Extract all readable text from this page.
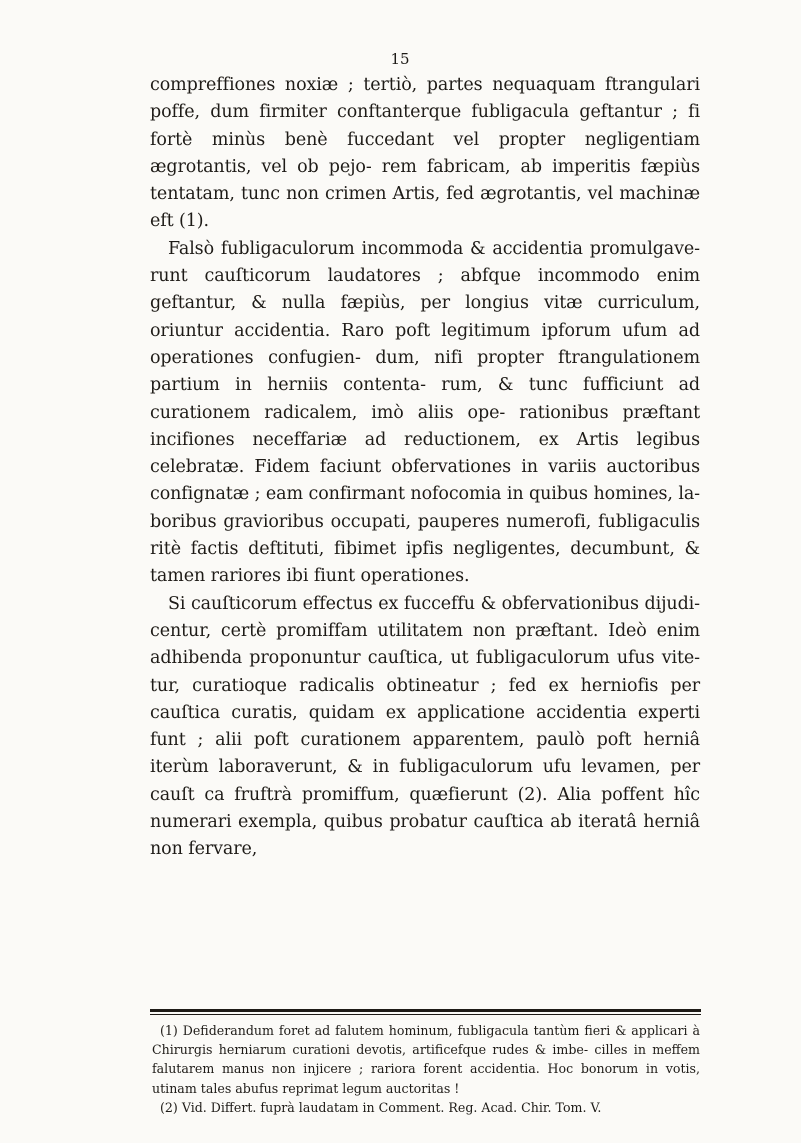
15

compreffiones noxiæ ; tertiò, partes nequaquam ftrangulari poffe, dum firmiter conftanterque fubligacula geftantur ; fi fortè minùs benè fuccedant vel propter negligentiam ægrotantis, vel ob pejo- rem fabricam, ab imperitis fæpiùs tentatam, tunc non crimen Artis, fed ægrotantis, vel machinæ eft (1).

Falsò fubligaculorum incommoda & accidentia promulgave- runt cauſticorum laudatores ; abfque incommodo enim geftantur, & nulla fæpiùs, per longius vitæ curriculum, oriuntur accidentia. Raro poft legitimum ipforum ufum ad operationes confugien- dum, nifi propter ftrangulationem partium in herniis contenta- rum, & tunc fufficiunt ad curationem radicalem, imò aliis ope- rationibus præftant incifiones neceffariæ ad reductionem, ex Artis legibus celebratæ. Fidem faciunt obfervationes in variis auctoribus confignatæ ; eam confirmant nofocomia in quibus homines, la- boribus gravioribus occupati, pauperes numerofi, fubligaculis ritè factis deftituti, fibimet ipfis negligentes, decumbunt, & tamen rariores ibi fiunt operationes.

Si cauſticorum effectus ex fucceffu & obfervationibus dijudi- centur, certè promiffam utilitatem non præftant. Ideò enim adhibenda proponuntur cauſtica, ut fubligaculorum ufus vite- tur, curatioque radicalis obtineatur ; fed ex herniofis per cauſtica curatis, quidam ex applicatione accidentia experti funt ; alii poft curationem apparentem, paulò poft herniâ iterùm laboraverunt, & in fubligaculorum ufu levamen, per cauſt ca fruftrà promiffum, quæfierunt (2). Alia poffent hîc numerari exempla, quibus probatur cauſtica ab iteratâ herniâ non fervare,

(1) Defiderandum foret ad falutem hominum, fubligacula tantùm fieri & applicari à Chirurgis herniarum curationi devotis, artificefque rudes & imbe- cilles in meffem falutarem manus non injicere ; rariora forent accidentia. Hoc bonorum in votis, utinam tales abufus reprimat legum auctoritas !

(2) Vid. Differt. fuprà laudatam in Comment. Reg. Acad. Chir. Tom. V.
